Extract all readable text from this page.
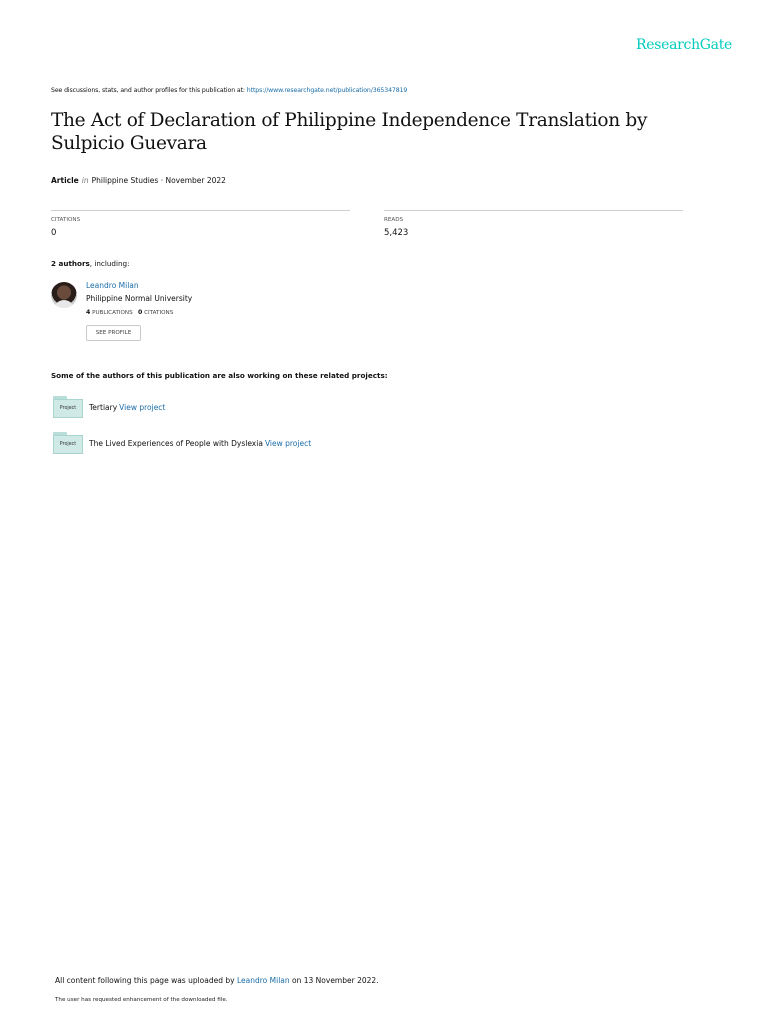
ResearchGate
See discussions, stats, and author profiles for this publication at: https://www.researchgate.net/publication/365347819
The Act of Declaration of Philippine Independence Translation by Sulpicio Guevara
Article in Philippine Studies · November 2022
CITATIONS
0
READS
5,423
2 authors, including:
Leandro Milan
Philippine Normal University
4 PUBLICATIONS 0 CITATIONS
SEE PROFILE
Some of the authors of this publication are also working on these related projects:
Project	Tertiary View project
Project	The Lived Experiences of People with Dyslexia View project
All content following this page was uploaded by Leandro Milan on 13 November 2022.
The user has requested enhancement of the downloaded file.
